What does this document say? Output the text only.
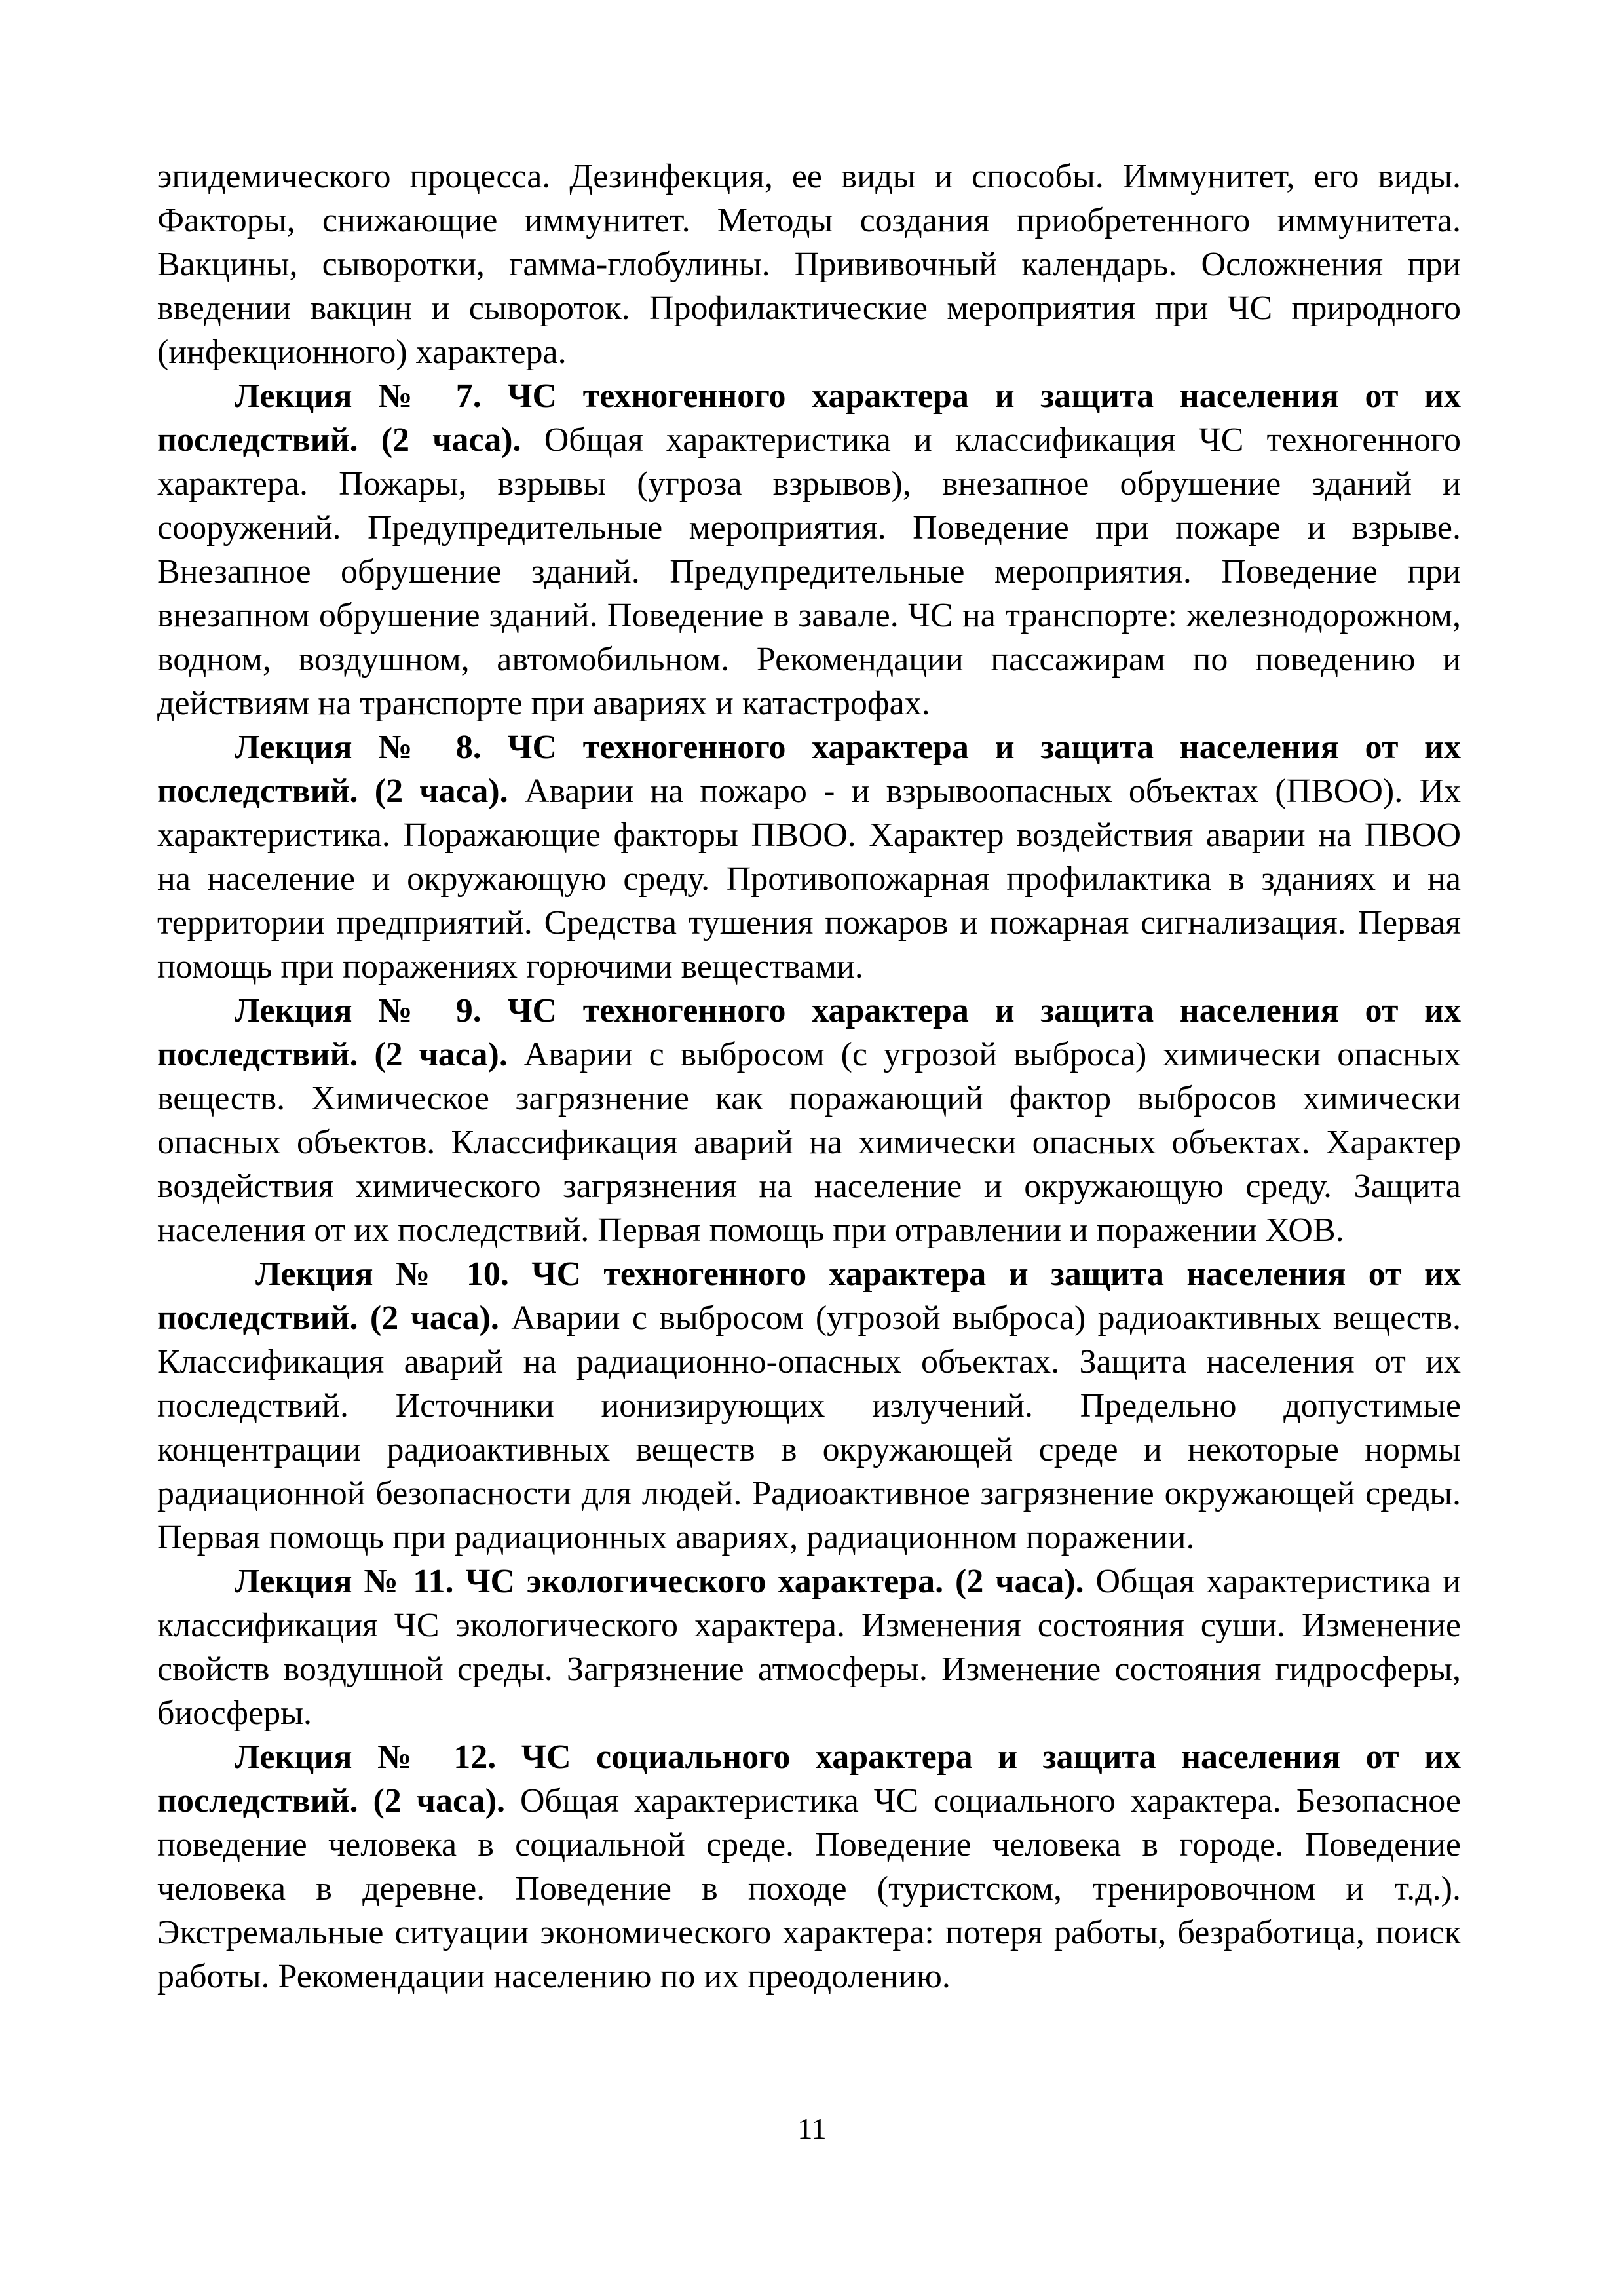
эпидемического процесса. Дезинфекция, ее виды и способы. Иммунитет, его виды. Факторы, снижающие иммунитет. Методы создания приобретенного иммунитета. Вакцины, сыворотки, гамма-глобулины. Прививочный календарь. Осложнения при введении вакцин и сывороток. Профилактические мероприятия при ЧС природного (инфекционного) характера.

Лекция № 7. ЧС техногенного характера и защита населения от их последствий. (2 часа). Общая характеристика и классификация ЧС техногенного характера. Пожары, взрывы (угроза взрывов), внезапное обрушение зданий и сооружений. Предупредительные мероприятия. Поведение при пожаре и взрыве. Внезапное обрушение зданий. Предупредительные мероприятия. Поведение при внезапном обрушение зданий. Поведение в завале. ЧС на транспорте: железнодорожном, водном, воздушном, автомобильном. Рекомендации пассажирам по поведению и действиям на транспорте при авариях и катастрофах.

Лекция № 8. ЧС техногенного характера и защита населения от их последствий. (2 часа). Аварии на пожаро - и взрывоопасных объектах (ПВОО). Их характеристика. Поражающие факторы ПВОО. Характер воздействия аварии на ПВОО на население и окружающую среду. Противопожарная профилактика в зданиях и на территории предприятий. Средства тушения пожаров и пожарная сигнализация. Первая помощь при поражениях горючими веществами.

Лекция № 9. ЧС техногенного характера и защита населения от их последствий. (2 часа). Аварии с выбросом (с угрозой выброса) химически опасных веществ. Химическое загрязнение как поражающий фактор выбросов химически опасных объектов. Классификация аварий на химически опасных объектах. Характер воздействия химического загрязнения на население и окружающую среду. Защита населения от их последствий. Первая помощь при отравлении и поражении ХОВ.

Лекция № 10. ЧС техногенного характера и защита населения от их последствий. (2 часа). Аварии с выбросом (угрозой выброса) радиоактивных веществ. Классификация аварий на радиационно-опасных объектах. Защита населения от их последствий. Источники ионизирующих излучений. Предельно допустимые концентрации радиоактивных веществ в окружающей среде и некоторые нормы радиационной безопасности для людей. Радиоактивное загрязнение окружающей среды. Первая помощь при радиационных авариях, радиационном поражении.

Лекция № 11. ЧС экологического характера. (2 часа). Общая характеристика и классификация ЧС экологического характера. Изменения состояния суши. Изменение свойств воздушной среды. Загрязнение атмосферы. Изменение состояния гидросферы, биосферы.

Лекция № 12. ЧС социального характера и защита населения от их последствий. (2 часа). Общая характеристика ЧС социального характера. Безопасное поведение человека в социальной среде. Поведение человека в городе. Поведение человека в деревне. Поведение в походе (туристском, тренировочном и т.д.). Экстремальные ситуации экономического характера: потеря работы, безработица, поиск работы. Рекомендации населению по их преодолению.

11
